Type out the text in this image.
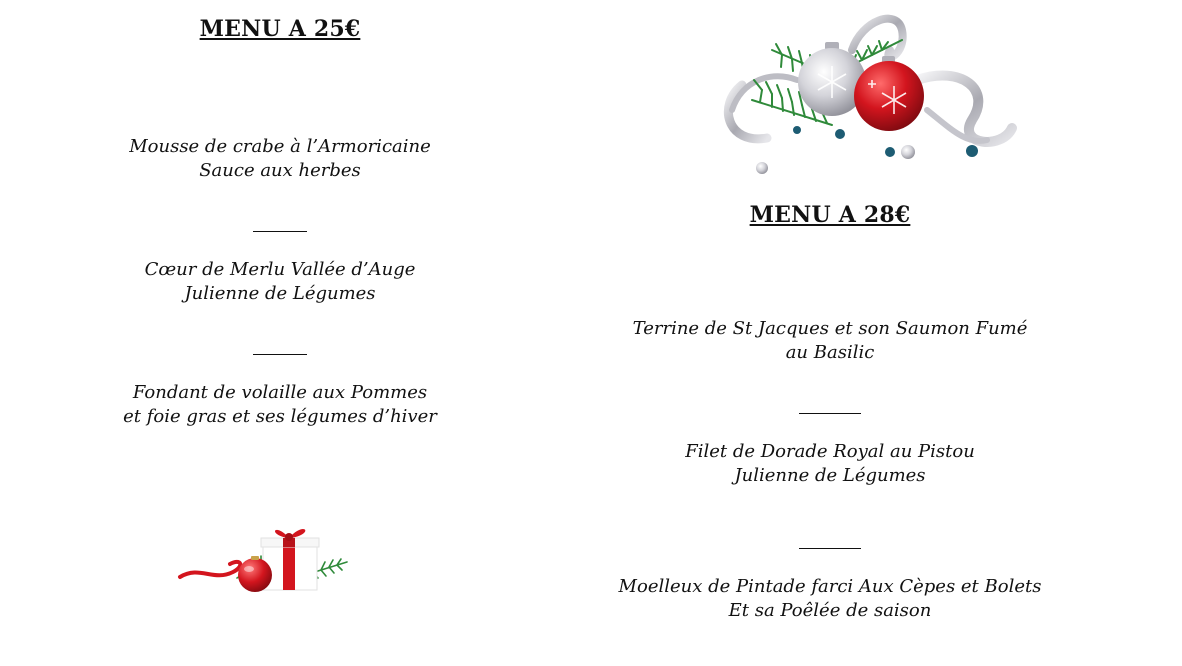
MENU A 25€
Mousse de crabe à l’Armoricaine
Sauce aux herbes
Cœur de Merlu Vallée d’Auge
Julienne de Légumes
Fondant de volaille aux Pommes
et foie gras et ses légumes d’hiver
MENU A 28€
Terrine de St Jacques et son Saumon Fumé
au Basilic
Filet de Dorade Royal au Pistou
Julienne de Légumes
Moelleux de Pintade farci Aux Cèpes et Bolets
Et sa Poêlée de saison
